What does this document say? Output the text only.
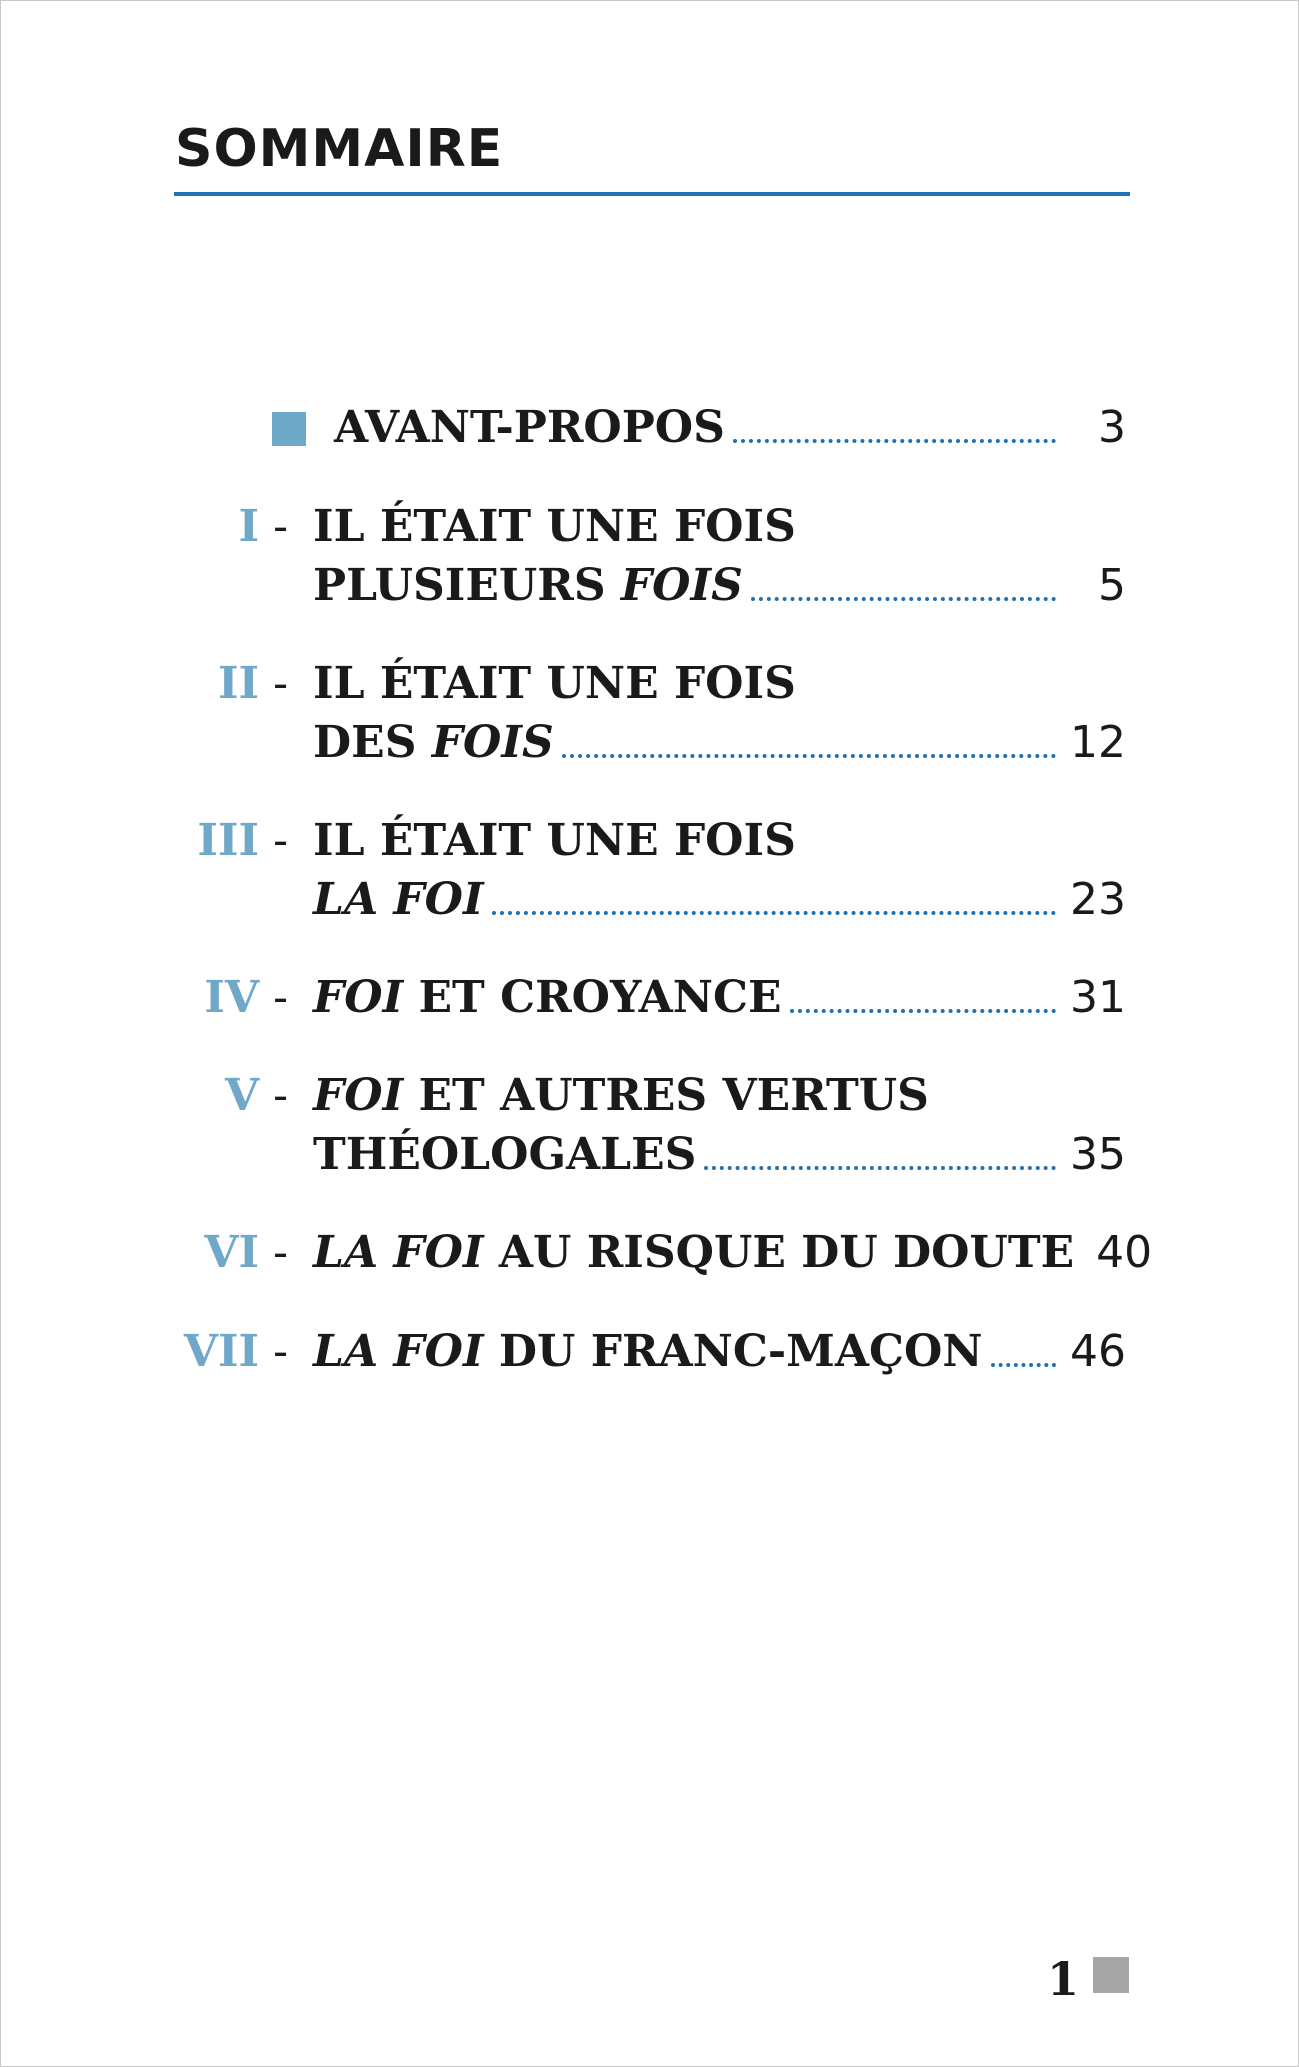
SOMMAIRE
AVANT-PROPOS	3
I - IL ÉTAIT UNE FOIS
PLUSIEURS FOIS	5
II - IL ÉTAIT UNE FOIS
DES FOIS	12
III - IL ÉTAIT UNE FOIS
LA FOI	23
IV - FOI ET CROYANCE	31
V - FOI ET AUTRES VERTUS
THÉOLOGALES	35
VI - LA FOI AU RISQUE DU DOUTE 40
VII - LA FOI DU FRANC-MAÇON 46
1
